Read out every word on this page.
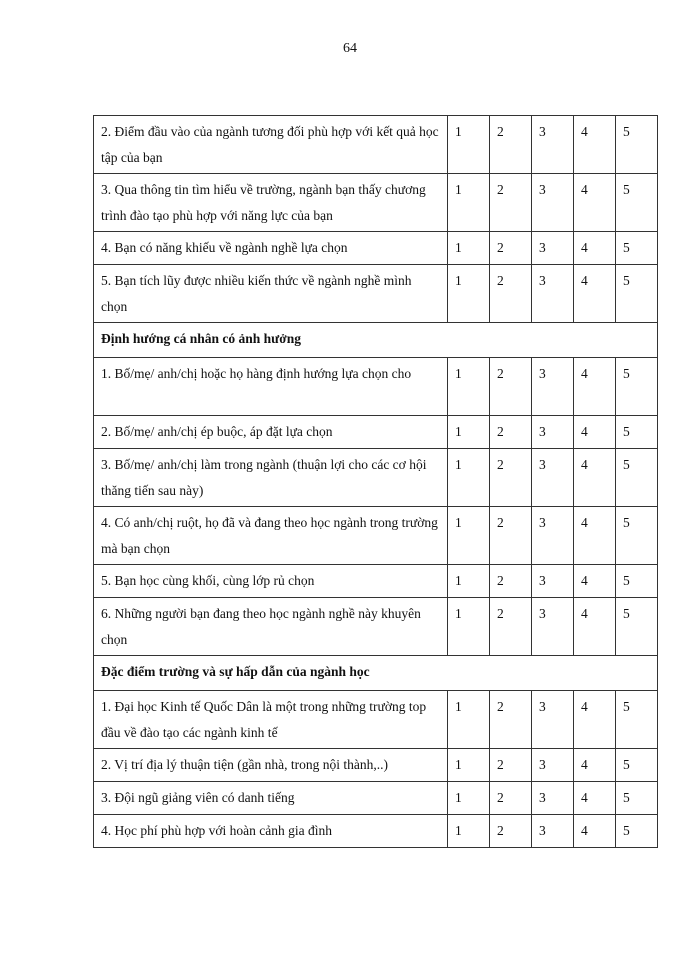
64
2. Điểm đầu vào của ngành tương đối phù hợp với kết quả học tập của bạn	1	2	3	4	5
3. Qua thông tin tìm hiểu về trường, ngành bạn thấy chương trình đào tạo phù hợp với năng lực của bạn	1	2	3	4	5
4. Bạn có năng khiếu về ngành nghề lựa chọn	1	2	3	4	5
5. Bạn tích lũy được nhiều kiến thức về ngành nghề mình chọn	1	2	3	4	5
Định hướng cá nhân có ảnh hưởng					
1. Bố/mẹ/ anh/chị hoặc họ hàng định hướng lựa chọn cho	1	2	3	4	5
2. Bố/mẹ/ anh/chị ép buộc, áp đặt lựa chọn	1	2	3	4	5
3. Bố/mẹ/ anh/chị làm trong ngành (thuận lợi cho các cơ hội thăng tiến sau này)	1	2	3	4	5
4. Có anh/chị ruột, họ đã và đang theo học ngành trong trường mà bạn chọn	1	2	3	4	5
5. Bạn học cùng khối, cùng lớp rủ chọn	1	2	3	4	5
6. Những người bạn đang theo học ngành nghề này khuyên chọn	1	2	3	4	5
Đặc điểm trường và sự hấp dẫn của ngành học					
1. Đại học Kinh tế Quốc Dân là một trong những trường top đầu về đào tạo các ngành kinh tế	1	2	3	4	5
2. Vị trí địa lý thuận tiện (gần nhà, trong nội thành,..)	1	2	3	4	5
3. Đội ngũ giảng viên có danh tiếng	1	2	3	4	5
4. Học phí phù hợp với hoàn cảnh gia đình	1	2	3	4	5
